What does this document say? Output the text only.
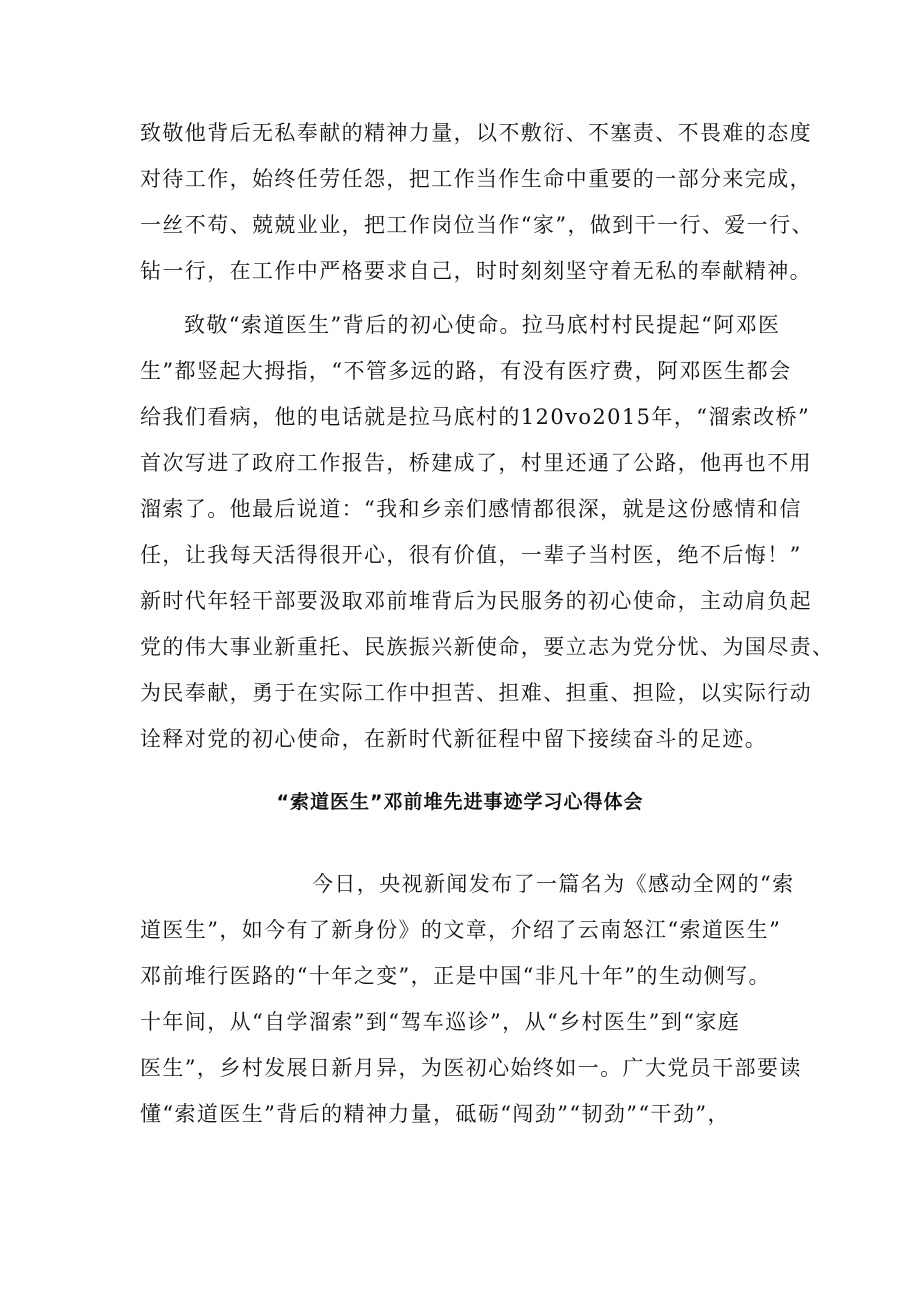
致敬他背后无私奉献的精神力量，以不敷衍、不塞责、不畏难的态度
对待工作，始终任劳任怨，把工作当作生命中重要的一部分来完成，
一丝不苟、兢兢业业，把工作岗位当作“家”，做到干一行、爱一行、
钻一行，在工作中严格要求自己，时时刻刻坚守着无私的奉献精神。
致敬“索道医生”背后的初心使命。拉马底村村民提起“阿邓医
生”都竖起大拇指，“不管多远的路，有没有医疗费，阿邓医生都会
给我们看病，他的电话就是拉马底村的120vo2015年，“溜索改桥”
首次写进了政府工作报告，桥建成了，村里还通了公路，他再也不用
溜索了。他最后说道：“我和乡亲们感情都很深，就是这份感情和信
任，让我每天活得很开心，很有价值，一辈子当村医，绝不后悔！”
新时代年轻干部要汲取邓前堆背后为民服务的初心使命，主动肩负起
党的伟大事业新重托、民族振兴新使命，要立志为党分忧、为国尽责、
为民奉献，勇于在实际工作中担苦、担难、担重、担险，以实际行动
诠释对党的初心使命，在新时代新征程中留下接续奋斗的足迹。
“索道医生”邓前堆先进事迹学习心得体会
今日，央视新闻发布了一篇名为《感动全网的“索
道医生”，如今有了新身份》的文章，介绍了云南怒江“索道医生”
邓前堆行医路的“十年之变”，正是中国“非凡十年”的生动侧写。
十年间，从“自学溜索”到“驾车巡诊”，从“乡村医生”到“家庭
医生”，乡村发展日新月异，为医初心始终如一。广大党员干部要读
懂“索道医生”背后的精神力量，砥砺“闯劲”“韧劲”“干劲”，
